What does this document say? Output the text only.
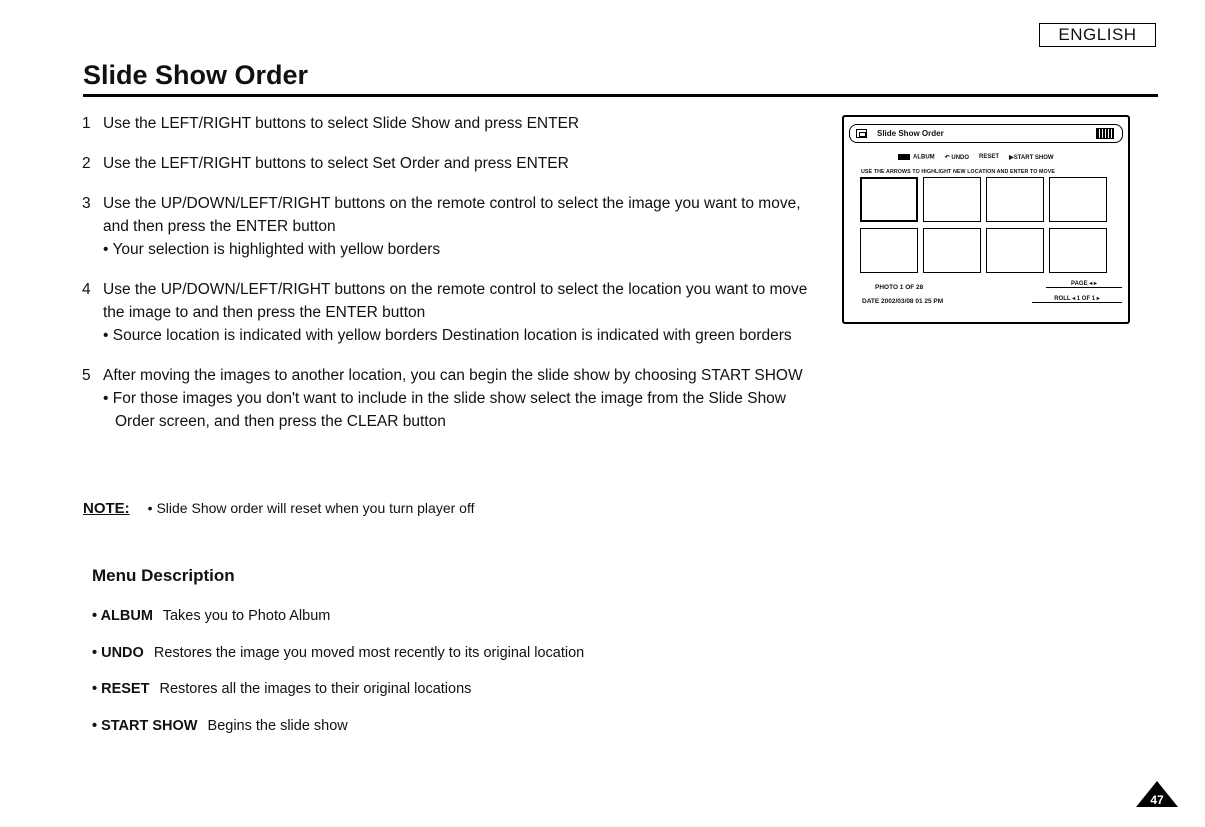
ENGLISH
Slide Show Order
1 Use the LEFT/RIGHT buttons to select Slide Show and press ENTER
2 Use the LEFT/RIGHT buttons to select Set Order and press ENTER
3 Use the UP/DOWN/LEFT/RIGHT buttons on the remote control to select the image you want to move, and then press the ENTER button
• Your selection is highlighted with yellow borders
4 Use the UP/DOWN/LEFT/RIGHT buttons on the remote control to select the location you want to move the image to and then press the ENTER button
• Source location is indicated with yellow borders Destination location is indicated with green borders
5 After moving the images to another location, you can begin the slide show by choosing START SHOW
• For those images you don't want to include in the slide show select the image from the Slide Show Order screen, and then press the CLEAR button
NOTE: • Slide Show order will reset when you turn player off
Menu Description
• ALBUM Takes you to Photo Album
• UNDO Restores the image you moved most recently to its original location
• RESET Restores all the images to their original locations
• START SHOW Begins the slide show
Slide Show Order
ALBUM ↶ UNDO RESET ▶START SHOW
USE THE ARROWS TO HIGHLIGHT NEW LOCATION AND ENTER TO MOVE
PHOTO 1 OF 28
DATE 2002/03/08 01 25 PM
PAGE ◂ ▸
ROLL ◂ 1 OF 1 ▸
47
